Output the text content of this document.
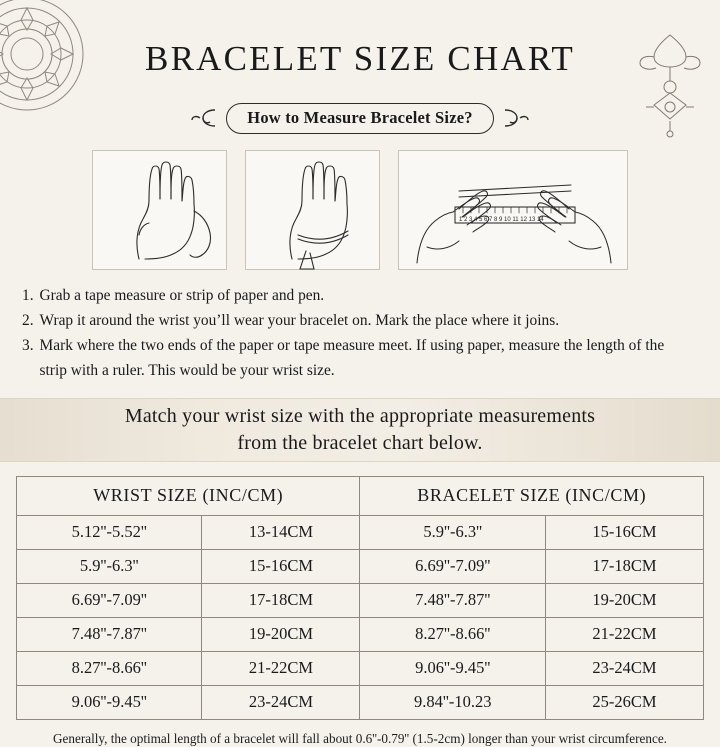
BRACELET SIZE CHART
How to Measure Bracelet Size?
1 2 3 4 5 6 7 8 9 10 11 12 13 14
1. Grab a tape measure or strip of paper and pen.
2. Wrap it around the wrist you’ll wear your bracelet on. Mark the place where it joins.
3. Mark where the two ends of the paper or tape measure meet. If using paper, measure the length of the strip with a ruler. This would be your wrist size.
Match your wrist size with the appropriate measurements
from the bracelet chart below.
WRIST SIZE (INC/CM)		BRACELET SIZE (INC/CM)	
5.12''-5.52''	13-14CM	5.9''-6.3''	15-16CM
5.9''-6.3''	15-16CM	6.69''-7.09''	17-18CM
6.69''-7.09''	17-18CM	7.48''-7.87''	19-20CM
7.48''-7.87''	19-20CM	8.27''-8.66''	21-22CM
8.27''-8.66''	21-22CM	9.06''-9.45''	23-24CM
9.06''-9.45''	23-24CM	9.84''-10.23	25-26CM
Generally, the optimal length of a bracelet will fall about 0.6''-0.79'' (1.5-2cm) longer than your wrist circumference.
